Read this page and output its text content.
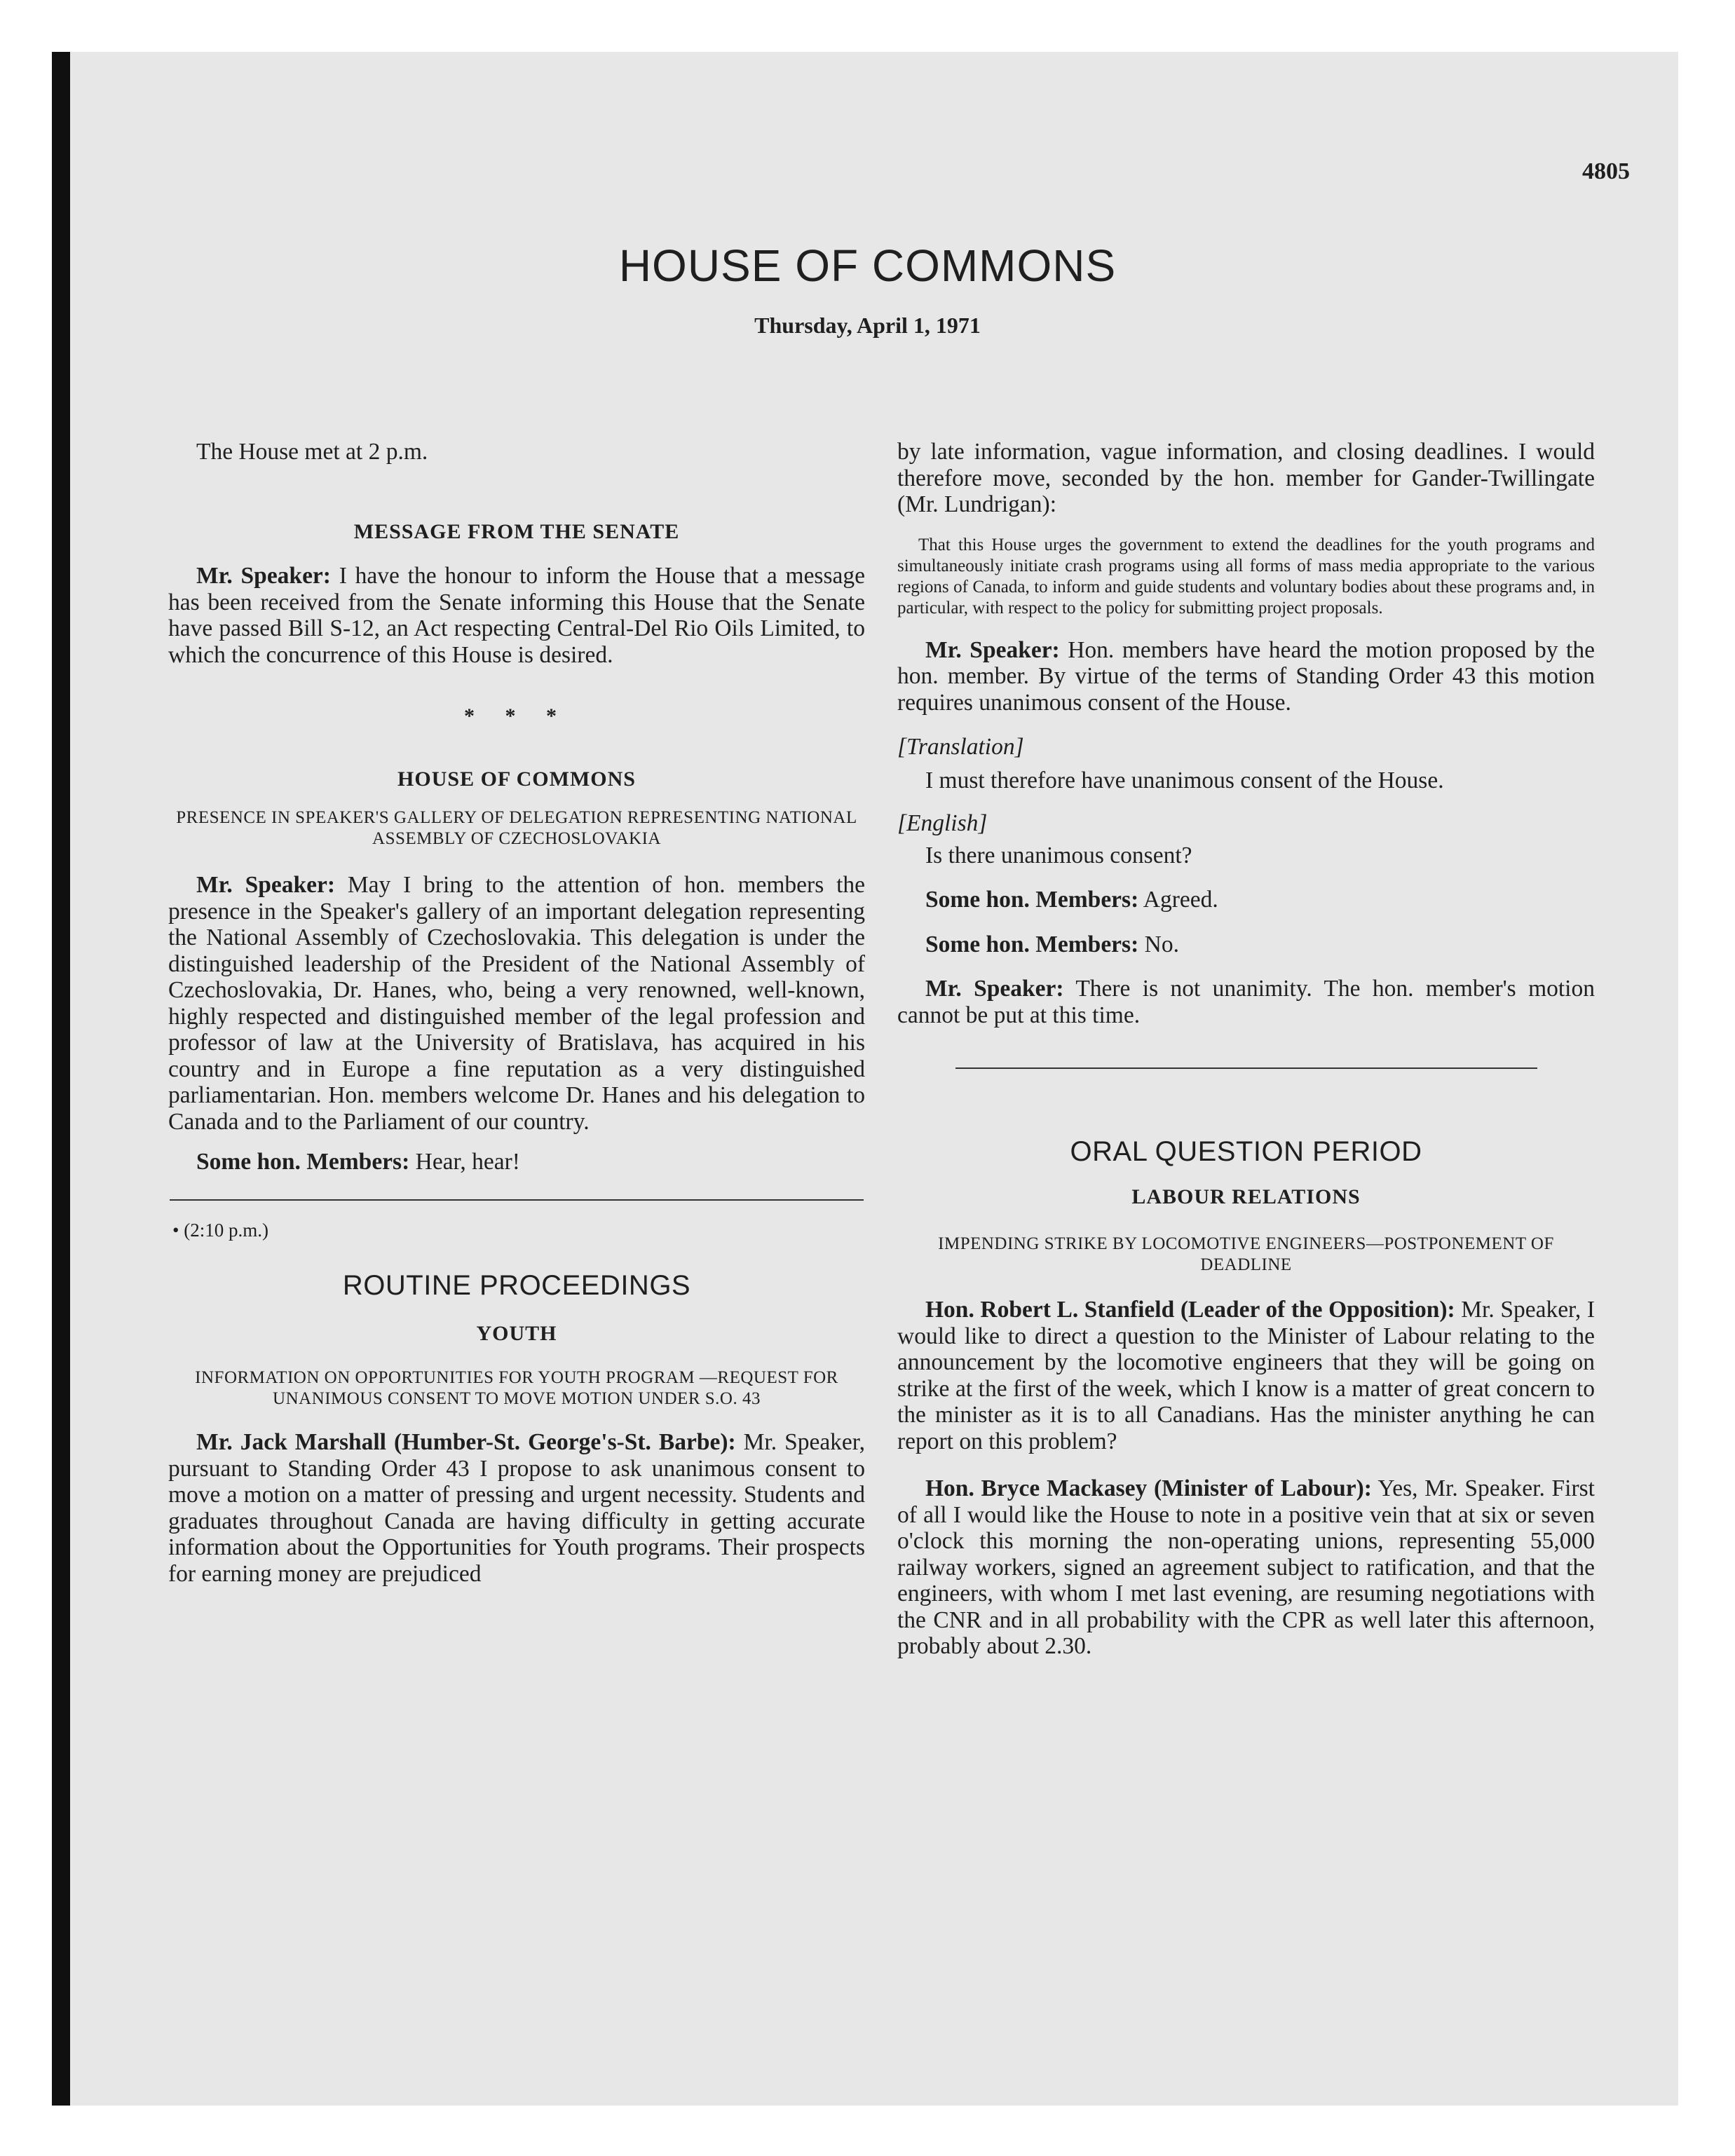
4805
HOUSE OF COMMONS
Thursday, April 1, 1971

The House met at 2 p.m.

MESSAGE FROM THE SENATE

Mr. Speaker: I have the honour to inform the House that a message has been received from the Senate informing this House that the Senate have passed Bill S-12, an Act respecting Central-Del Rio Oils Limited, to which the concurrence of this House is desired.

* * *
HOUSE OF COMMONS
PRESENCE IN SPEAKER'S GALLERY OF DELEGATION REPRESENTING NATIONAL ASSEMBLY OF CZECHOSLOVAKIA

Mr. Speaker: May I bring to the attention of hon. members the presence in the Speaker's gallery of an important delegation representing the National Assembly of Czechoslovakia. This delegation is under the distinguished leadership of the President of the National Assembly of Czechoslovakia, Dr. Hanes, who, being a very renowned, well-known, highly respected and distinguished member of the legal profession and professor of law at the University of Bratislava, has acquired in his country and in Europe a fine reputation as a very distinguished parliamentarian. Hon. members welcome Dr. Hanes and his delegation to Canada and to the Parliament of our country.

Some hon. Members: Hear, hear!

• (2:10 p.m.)
ROUTINE PROCEEDINGS
YOUTH
INFORMATION ON OPPORTUNITIES FOR YOUTH PROGRAM —REQUEST FOR UNANIMOUS CONSENT TO MOVE MOTION UNDER S.O. 43

Mr. Jack Marshall (Humber-St. George's-St. Barbe): Mr. Speaker, pursuant to Standing Order 43 I propose to ask unanimous consent to move a motion on a matter of pressing and urgent necessity. Students and graduates throughout Canada are having difficulty in getting accurate information about the Opportunities for Youth programs. Their prospects for earning money are prejudiced

by late information, vague information, and closing deadlines. I would therefore move, seconded by the hon. member for Gander-Twillingate (Mr. Lundrigan):

That this House urges the government to extend the deadlines for the youth programs and simultaneously initiate crash programs using all forms of mass media appropriate to the various regions of Canada, to inform and guide students and voluntary bodies about these programs and, in particular, with respect to the policy for submitting project proposals.

Mr. Speaker: Hon. members have heard the motion proposed by the hon. member. By virtue of the terms of Standing Order 43 this motion requires unanimous consent of the House.

[Translation]

I must therefore have unanimous consent of the House.

[English]

Is there unanimous consent?

Some hon. Members: Agreed.

Some hon. Members: No.

Mr. Speaker: There is not unanimity. The hon. member's motion cannot be put at this time.

ORAL QUESTION PERIOD
LABOUR RELATIONS
IMPENDING STRIKE BY LOCOMOTIVE ENGINEERS—POSTPONEMENT OF DEADLINE

Hon. Robert L. Stanfield (Leader of the Opposition): Mr. Speaker, I would like to direct a question to the Minister of Labour relating to the announcement by the locomotive engineers that they will be going on strike at the first of the week, which I know is a matter of great concern to the minister as it is to all Canadians. Has the minister anything he can report on this problem?

Hon. Bryce Mackasey (Minister of Labour): Yes, Mr. Speaker. First of all I would like the House to note in a positive vein that at six or seven o'clock this morning the non-operating unions, representing 55,000 railway workers, signed an agreement subject to ratification, and that the engineers, with whom I met last evening, are resuming negotiations with the CNR and in all probability with the CPR as well later this afternoon, probably about 2.30.
